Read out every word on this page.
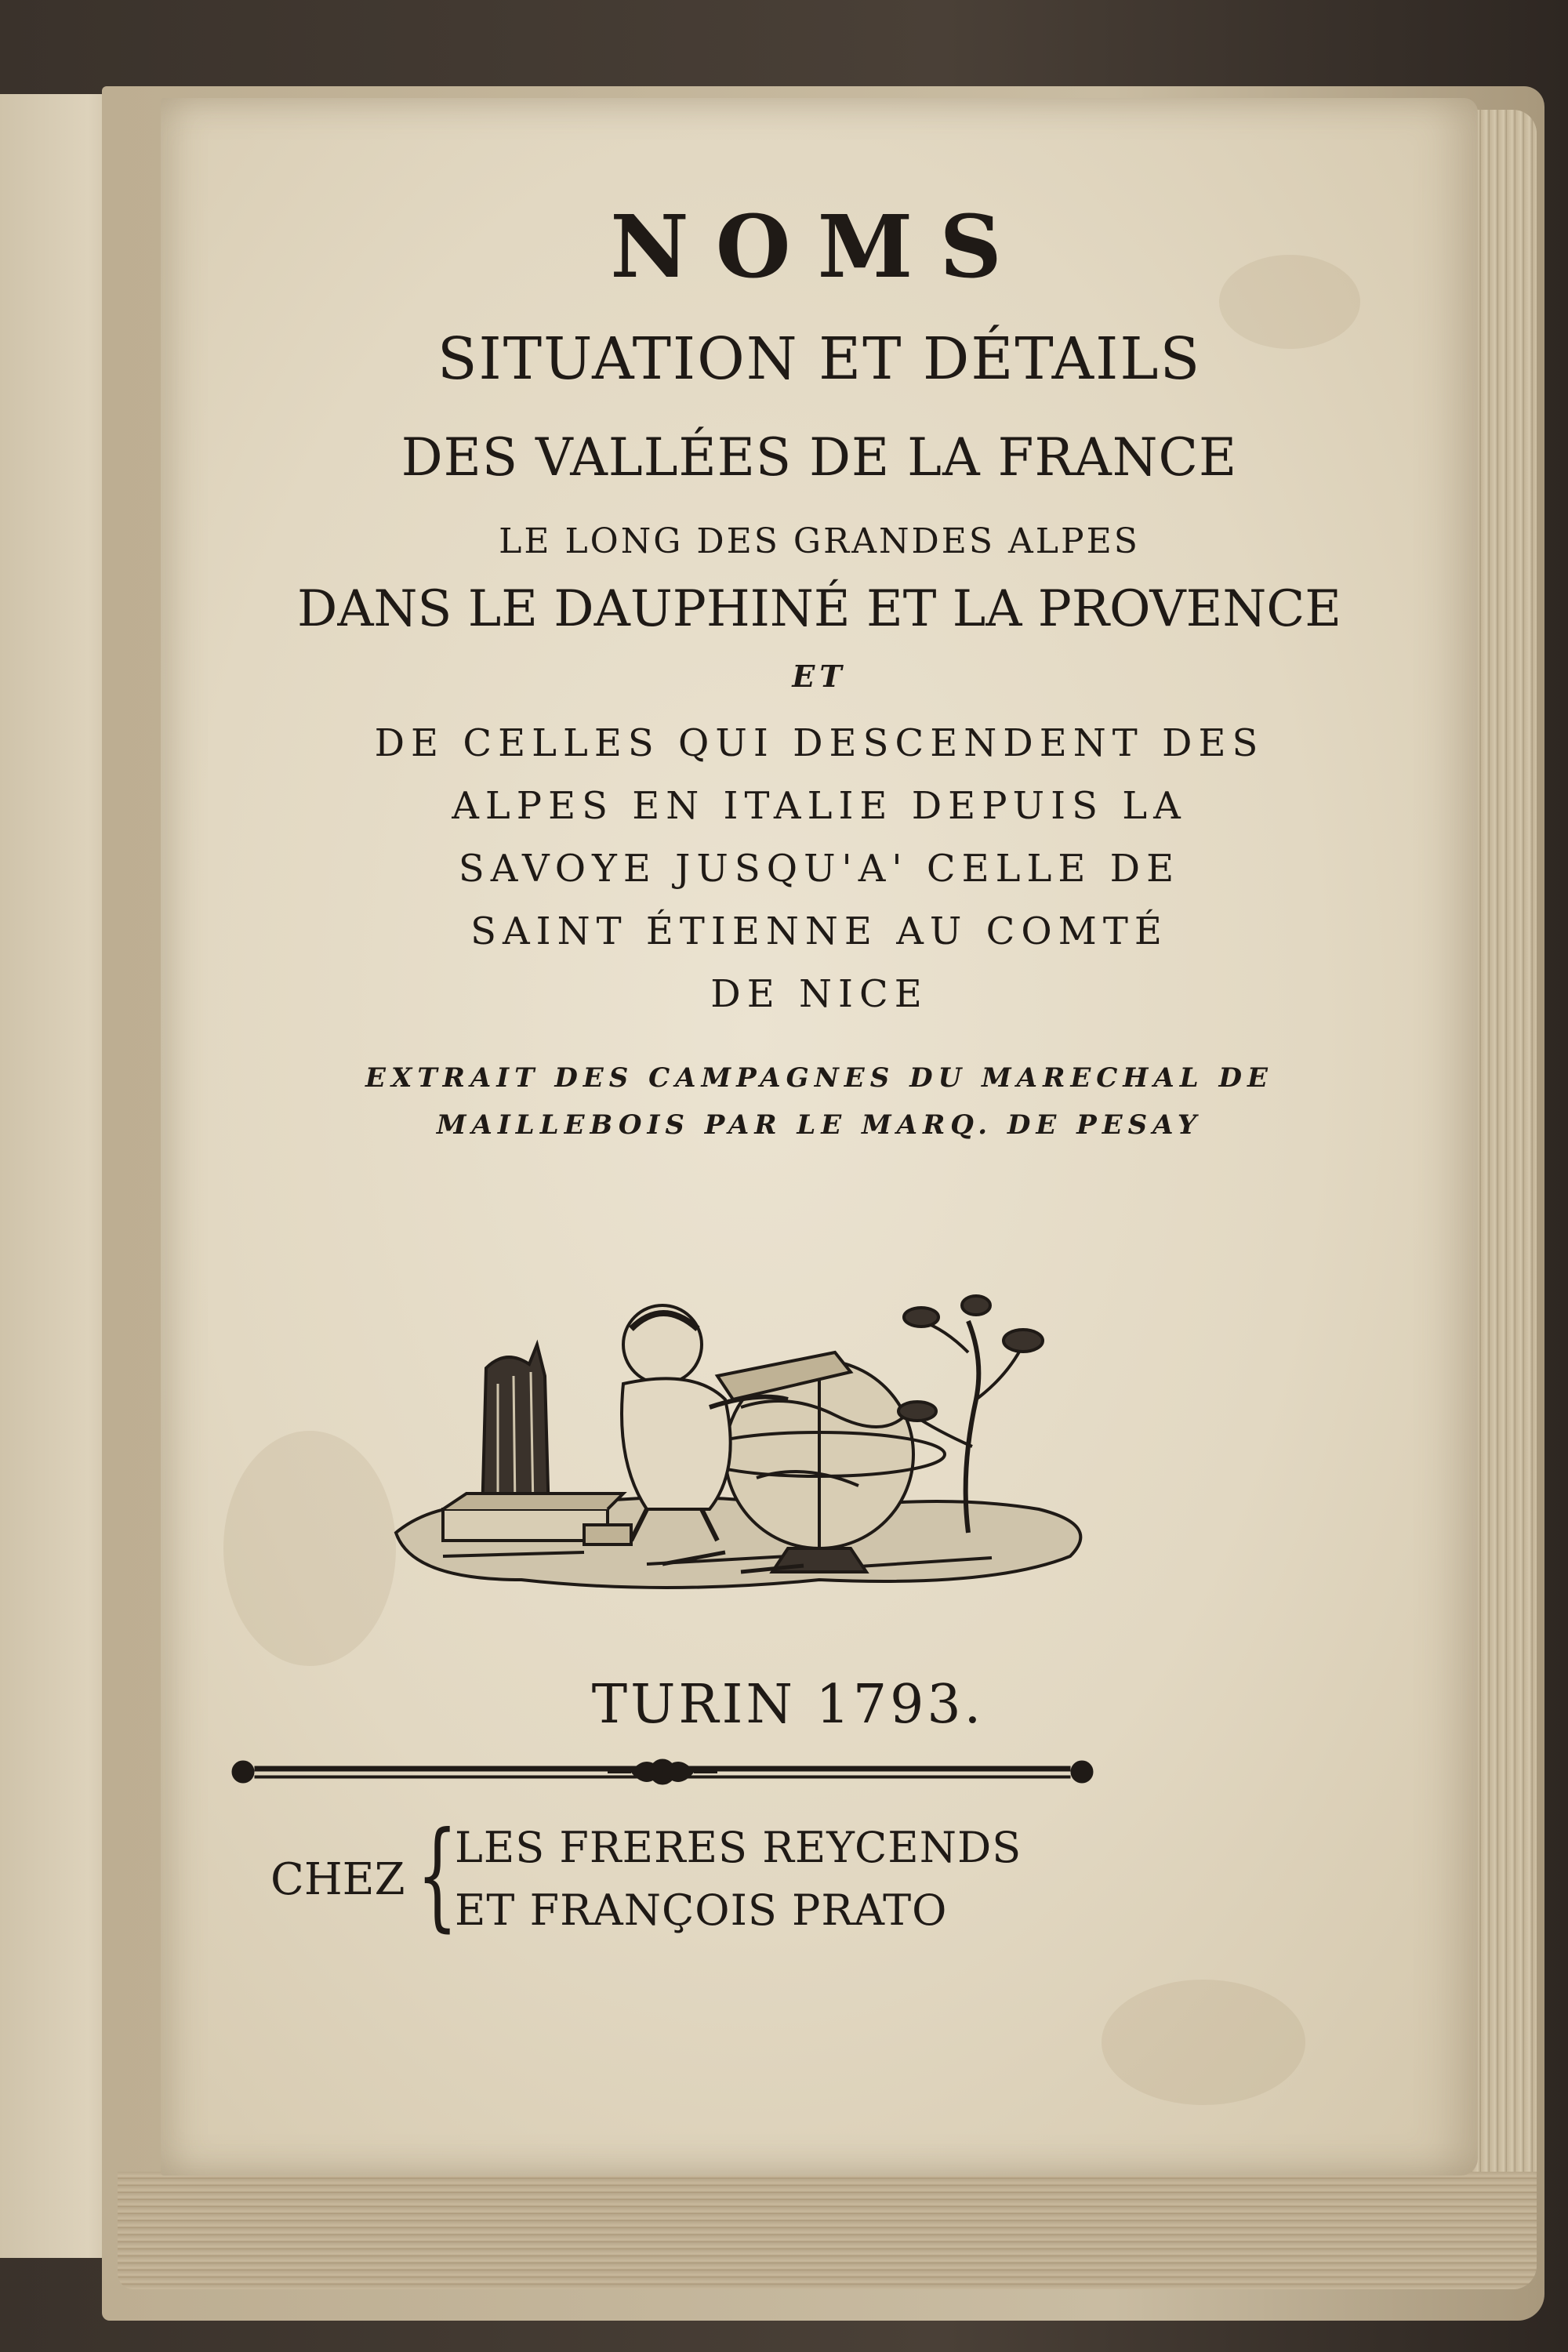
NOMS

SITUATION ET DÉTAILS

DES VALLÉES DE LA FRANCE

LE LONG DES GRANDES ALPES

DANS LE DAUPHINÉ ET LA PROVENCE

ET

DE CELLES QUI DESCENDENT DES

ALPES EN ITALIE DEPUIS LA

SAVOYE JUSQU'A' CELLE DE

SAINT ÉTIENNE AU COMTÉ

DE NICE

EXTRAIT DES CAMPAGNES DU MARECHAL DE

MAILLEBOIS PAR LE MARQ. DE PESAY

TURIN 1793.

CHEZ {
LES FRERES REYCENDS
ET FRANÇOIS PRATO
